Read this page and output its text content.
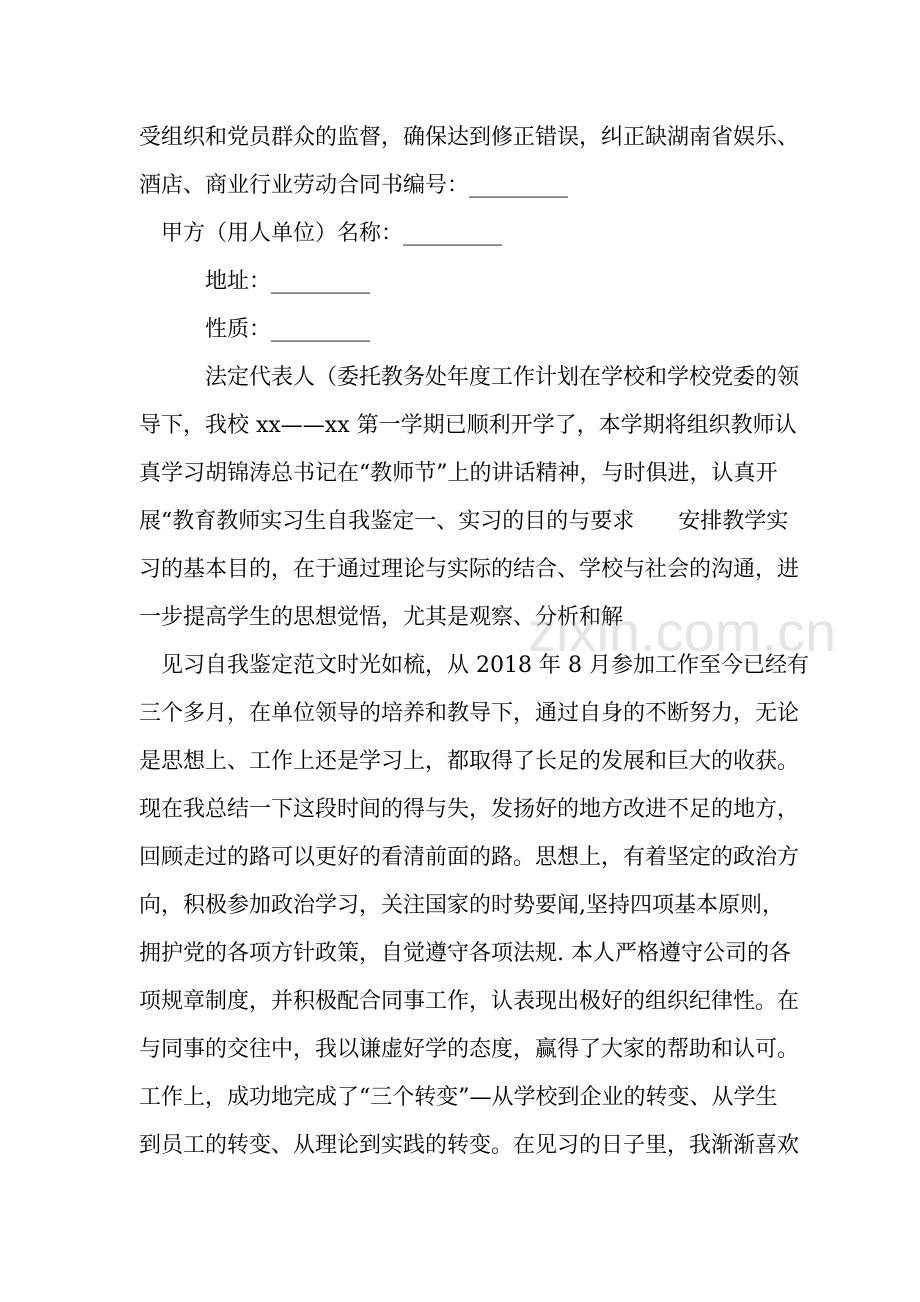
受组织和党员群众的监督，确保达到修正错误，纠正缺湖南省娱乐、
酒店、商业行业劳动合同书编号：_________
甲方（用人单位）名称：_________
地址：_________
性质：_________
法定代表人（委托教务处年度工作计划在学校和学校党委的领
导下，我校 xx——xx 第一学期已顺利开学了，本学期将组织教师认
真学习胡锦涛总书记在“教师节”上的讲话精神，与时俱进，认真开
展“教育教师实习生自我鉴定一、实习的目的与要求　　安排教学实
习的基本目的，在于通过理论与实际的结合、学校与社会的沟通，进
一步提高学生的思想觉悟，尤其是观察、分析和解
见习自我鉴定范文时光如梳，从 2018 年 8 月参加工作至今已经有
三个多月，在单位领导的培养和教导下，通过自身的不断努力，无论
是思想上、工作上还是学习上，都取得了长足的发展和巨大的收获。
现在我总结一下这段时间的得与失，发扬好的地方改进不足的地方，
回顾走过的路可以更好的看清前面的路。思想上，有着坚定的政治方
向，积极参加政治学习，关注国家的时势要闻,坚持四项基本原则，
拥护党的各项方针政策，自觉遵守各项法规. 本人严格遵守公司的各
项规章制度，并积极配合同事工作，认表现出极好的组织纪律性。在
与同事的交往中，我以谦虚好学的态度，赢得了大家的帮助和认可。
工作上，成功地完成了“三个转变”—从学校到企业的转变、从学生
到员工的转变、从理论到实践的转变。在见习的日子里，我渐渐喜欢
zixin.com.cn
